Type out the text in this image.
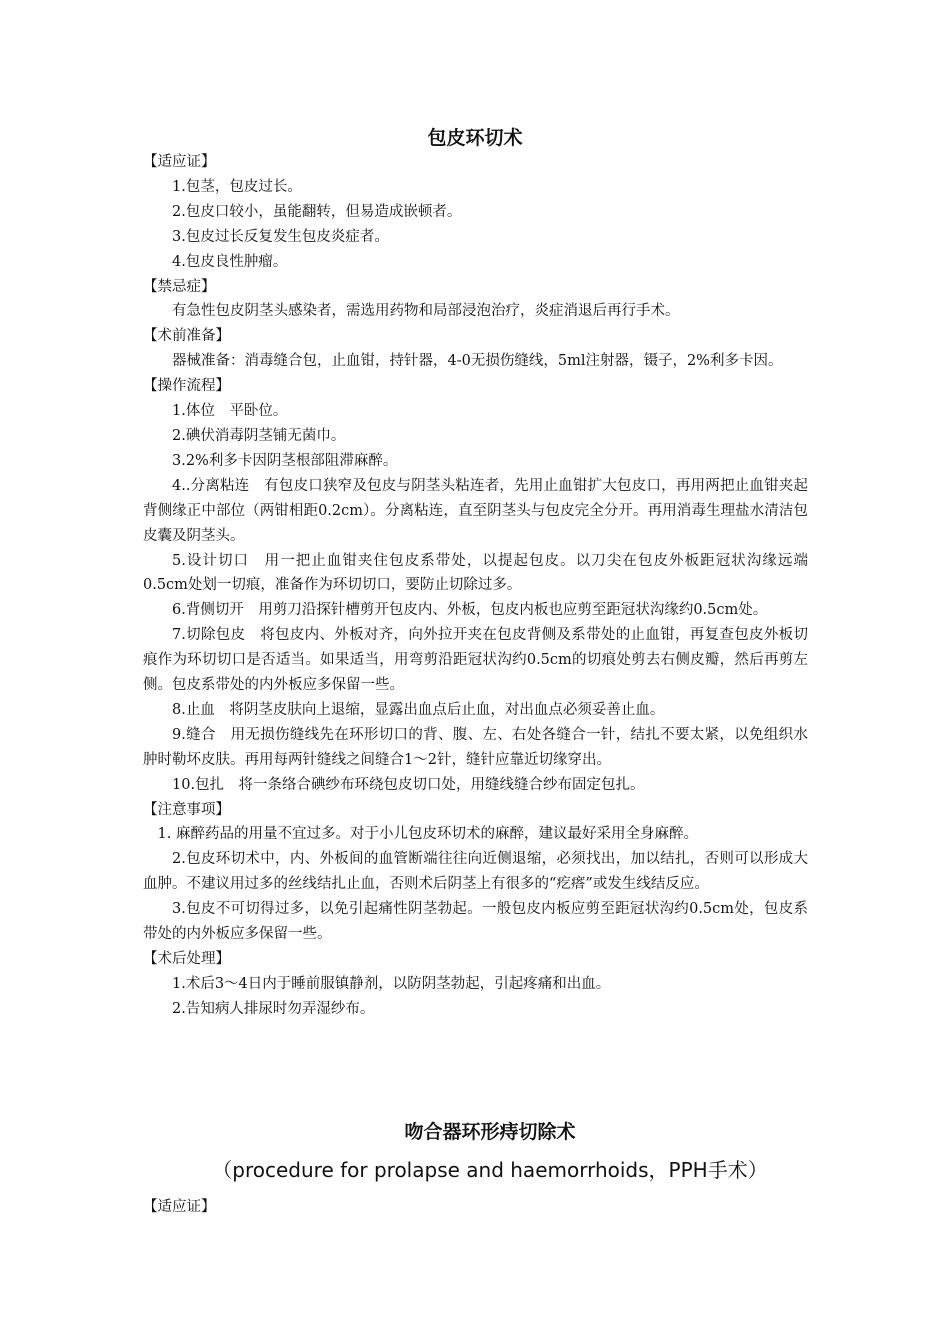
包皮环切术

【适应证】

1.包茎，包皮过长。

2.包皮口较小，虽能翻转，但易造成嵌顿者。

3.包皮过长反复发生包皮炎症者。

4.包皮良性肿瘤。

【禁忌症】

有急性包皮阴茎头感染者，需选用药物和局部浸泡治疗，炎症消退后再行手术。

【术前准备】

器械准备：消毒缝合包，止血钳，持针器，4-0无损伤缝线，5ml注射器，镊子，2%利多卡因。

【操作流程】

1.体位　平卧位。

2.碘伏消毒阴茎铺无菌巾。

3.2%利多卡因阴茎根部阻滞麻醉。

4..分离粘连　有包皮口狭窄及包皮与阴茎头粘连者，先用止血钳扩大包皮口，再用两把止血钳夹起背侧缘正中部位（两钳相距0.2cm）。分离粘连，直至阴茎头与包皮完全分开。再用消毒生理盐水清洁包皮囊及阴茎头。

5.设计切口　用一把止血钳夹住包皮系带处，以提起包皮。以刀尖在包皮外板距冠状沟缘远端0.5cm处划一切痕，准备作为环切切口，要防止切除过多。

6.背侧切开　用剪刀沿探针槽剪开包皮内、外板，包皮内板也应剪至距冠状沟缘约0.5cm处。

7.切除包皮　将包皮内、外板对齐，向外拉开夹在包皮背侧及系带处的止血钳，再复查包皮外板切痕作为环切切口是否适当。如果适当，用弯剪沿距冠状沟约0.5cm的切痕处剪去右侧皮瓣，然后再剪左侧。包皮系带处的内外板应多保留一些。

8.止血　将阴茎皮肤向上退缩，显露出血点后止血，对出血点必须妥善止血。

9.缝合　用无损伤缝线先在环形切口的背、腹、左、右处各缝合一针，结扎不要太紧，以免组织水肿时勒坏皮肤。再用每两针缝线之间缝合1～2针，缝针应靠近切缘穿出。

10.包扎　将一条络合碘纱布环绕包皮切口处，用缝线缝合纱布固定包扎。

【注意事项】

1. 麻醉药品的用量不宜过多。对于小儿包皮环切术的麻醉，建议最好采用全身麻醉。

2.包皮环切术中，内、外板间的血管断端往往向近侧退缩，必须找出，加以结扎，否则可以形成大血肿。不建议用过多的丝线结扎止血，否则术后阴茎上有很多的“疙瘩”或发生线结反应。

3.包皮不可切得过多，以免引起痛性阴茎勃起。一般包皮内板应剪至距冠状沟约0.5cm处，包皮系带处的内外板应多保留一些。

【术后处理】

1.术后3～4日内于睡前服镇静剂，以防阴茎勃起，引起疼痛和出血。

2.告知病人排尿时勿弄湿纱布。

吻合器环形痔切除术
（procedure for prolapse and haemorrhoids，PPH手术）

【适应证】
